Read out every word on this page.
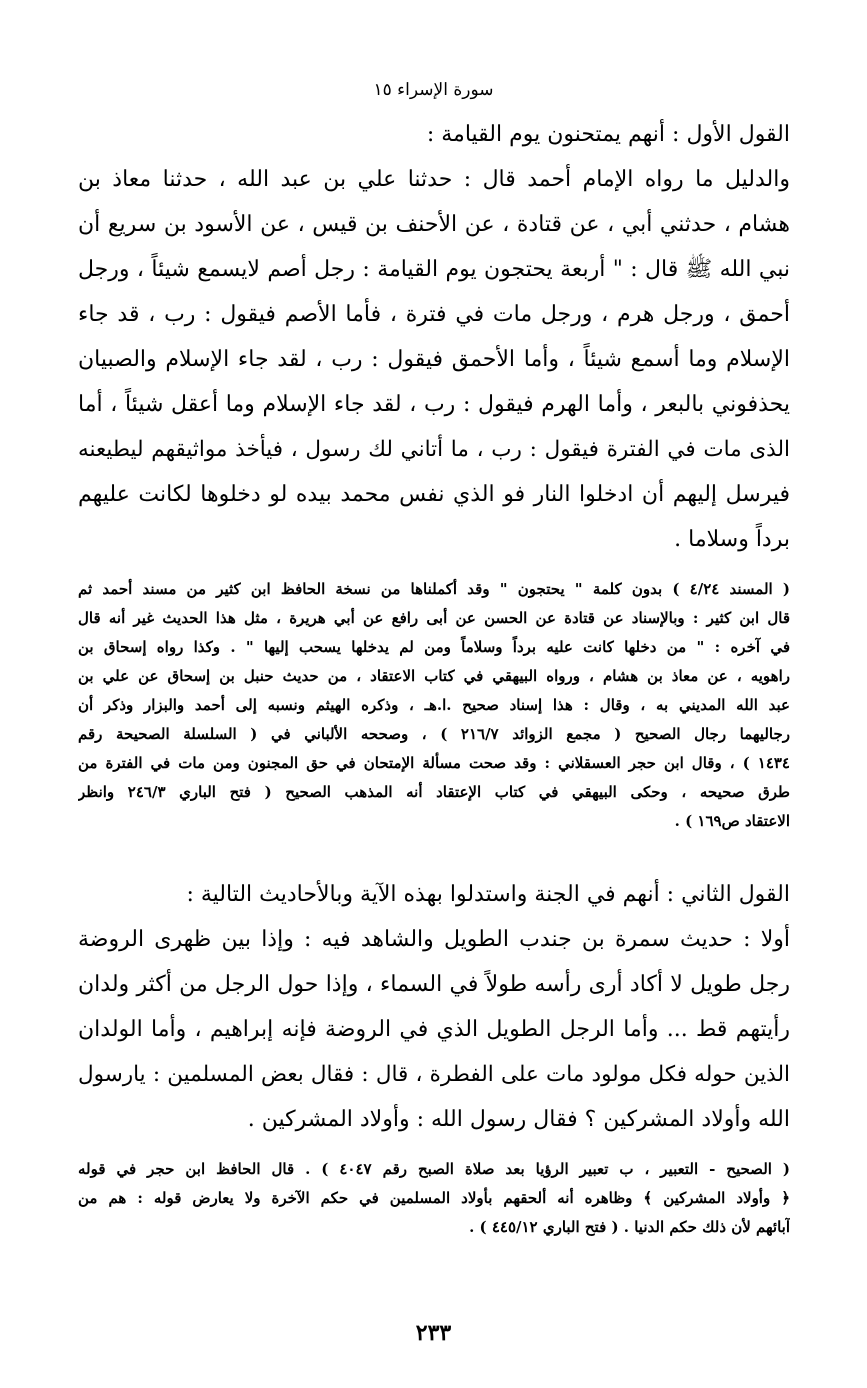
سورة الإسراء ١٥
القول الأول : أنهم يمتحنون يوم القيامة :
والدليل ما رواه الإمام أحمد قال : حدثنا علي بن عبد الله ، حدثنا معاذ بن
هشام ، حدثني أبي ، عن قتادة ، عن الأحنف بن قيس ، عن الأسود بن سريع أن
نبي الله ﷺ قال : " أربعة يحتجون يوم القيامة : رجل أصم لايسمع شيئاً ، ورجل
أحمق ، ورجل هرم ، ورجل مات في فترة ، فأما الأصم فيقول : رب ، قد جاء
الإسلام وما أسمع شيئاً ، وأما الأحمق فيقول : رب ، لقد جاء الإسلام والصبيان
يحذفوني بالبعر ، وأما الهرم فيقول : رب ، لقد جاء الإسلام وما أعقل شيئاً ، أما
الذى مات في الفترة فيقول : رب ، ما أتاني لك رسول ، فيأخذ مواثيقهم ليطيعنه
فيرسل إليهم أن ادخلوا النار فو الذي نفس محمد بيده لو دخلوها لكانت عليهم
برداً وسلاما .
( المسند ٤/٢٤ ) بدون كلمة " يحتجون " وقد أكملناها من نسخة الحافظ ابن كثير من مسند أحمد ثم
قال ابن كثير : وبالإسناد عن قتادة عن الحسن عن أبى رافع عن أبي هريرة ، مثل هذا الحديث غير أنه قال
في آخره : " من دخلها كانت عليه برداً وسلاماً ومن لم يدخلها يسحب إليها " . وكذا رواه إسحاق بن
راهويه ، عن معاذ بن هشام ، ورواه البيهقي في كتاب الاعتقاد ، من حديث حنبل بن إسحاق عن علي بن
عبد الله المديني به ، وقال : هذا إسناد صحيح .ا.هـ ، وذكره الهيثم ونسبه إلى أحمد والبزار وذكر أن
رجاليهما رجال الصحيح ( مجمع الزوائد ٢١٦/٧ ) ، وصححه الألباني في ( السلسلة الصحيحة رقم
١٤٣٤ ) ، وقال ابن حجر العسقلاني : وقد صحت مسألة الإمتحان في حق المجنون ومن مات في الفترة من
طرق صحيحه ، وحكى البيهقي في كتاب الإعتقاد أنه المذهب الصحيح ( فتح الباري ٢٤٦/٣ وانظر
الاعتقاد ص١٦٩ ) .
القول الثاني : أنهم في الجنة واستدلوا بهذه الآية وبالأحاديث التالية :
أولا : حديث سمرة بن جندب الطويل والشاهد فيه : وإذا بين ظهرى الروضة
رجل طويل لا أكاد أرى رأسه طولاً في السماء ، وإذا حول الرجل من أكثر ولدان
رأيتهم قط ... وأما الرجل الطويل الذي في الروضة فإنه إبراهيم ، وأما الولدان
الذين حوله فكل مولود مات على الفطرة ، قال : فقال بعض المسلمين : يارسول
الله وأولاد المشركين ؟ فقال رسول الله : وأولاد المشركين .
( الصحيح - التعبير ، ب تعبير الرؤيا بعد صلاة الصبح رقم ٤٠٤٧ ) . قال الحافظ ابن حجر في قوله
﴿ وأولاد المشركين ﴾ وظاهره أنه ألحقهم بأولاد المسلمين في حكم الآخرة ولا يعارض قوله : هم من
آبائهم لأن ذلك حكم الدنيا . ( فتح الباري ٤٤٥/١٢ ) .
٢٣٣
